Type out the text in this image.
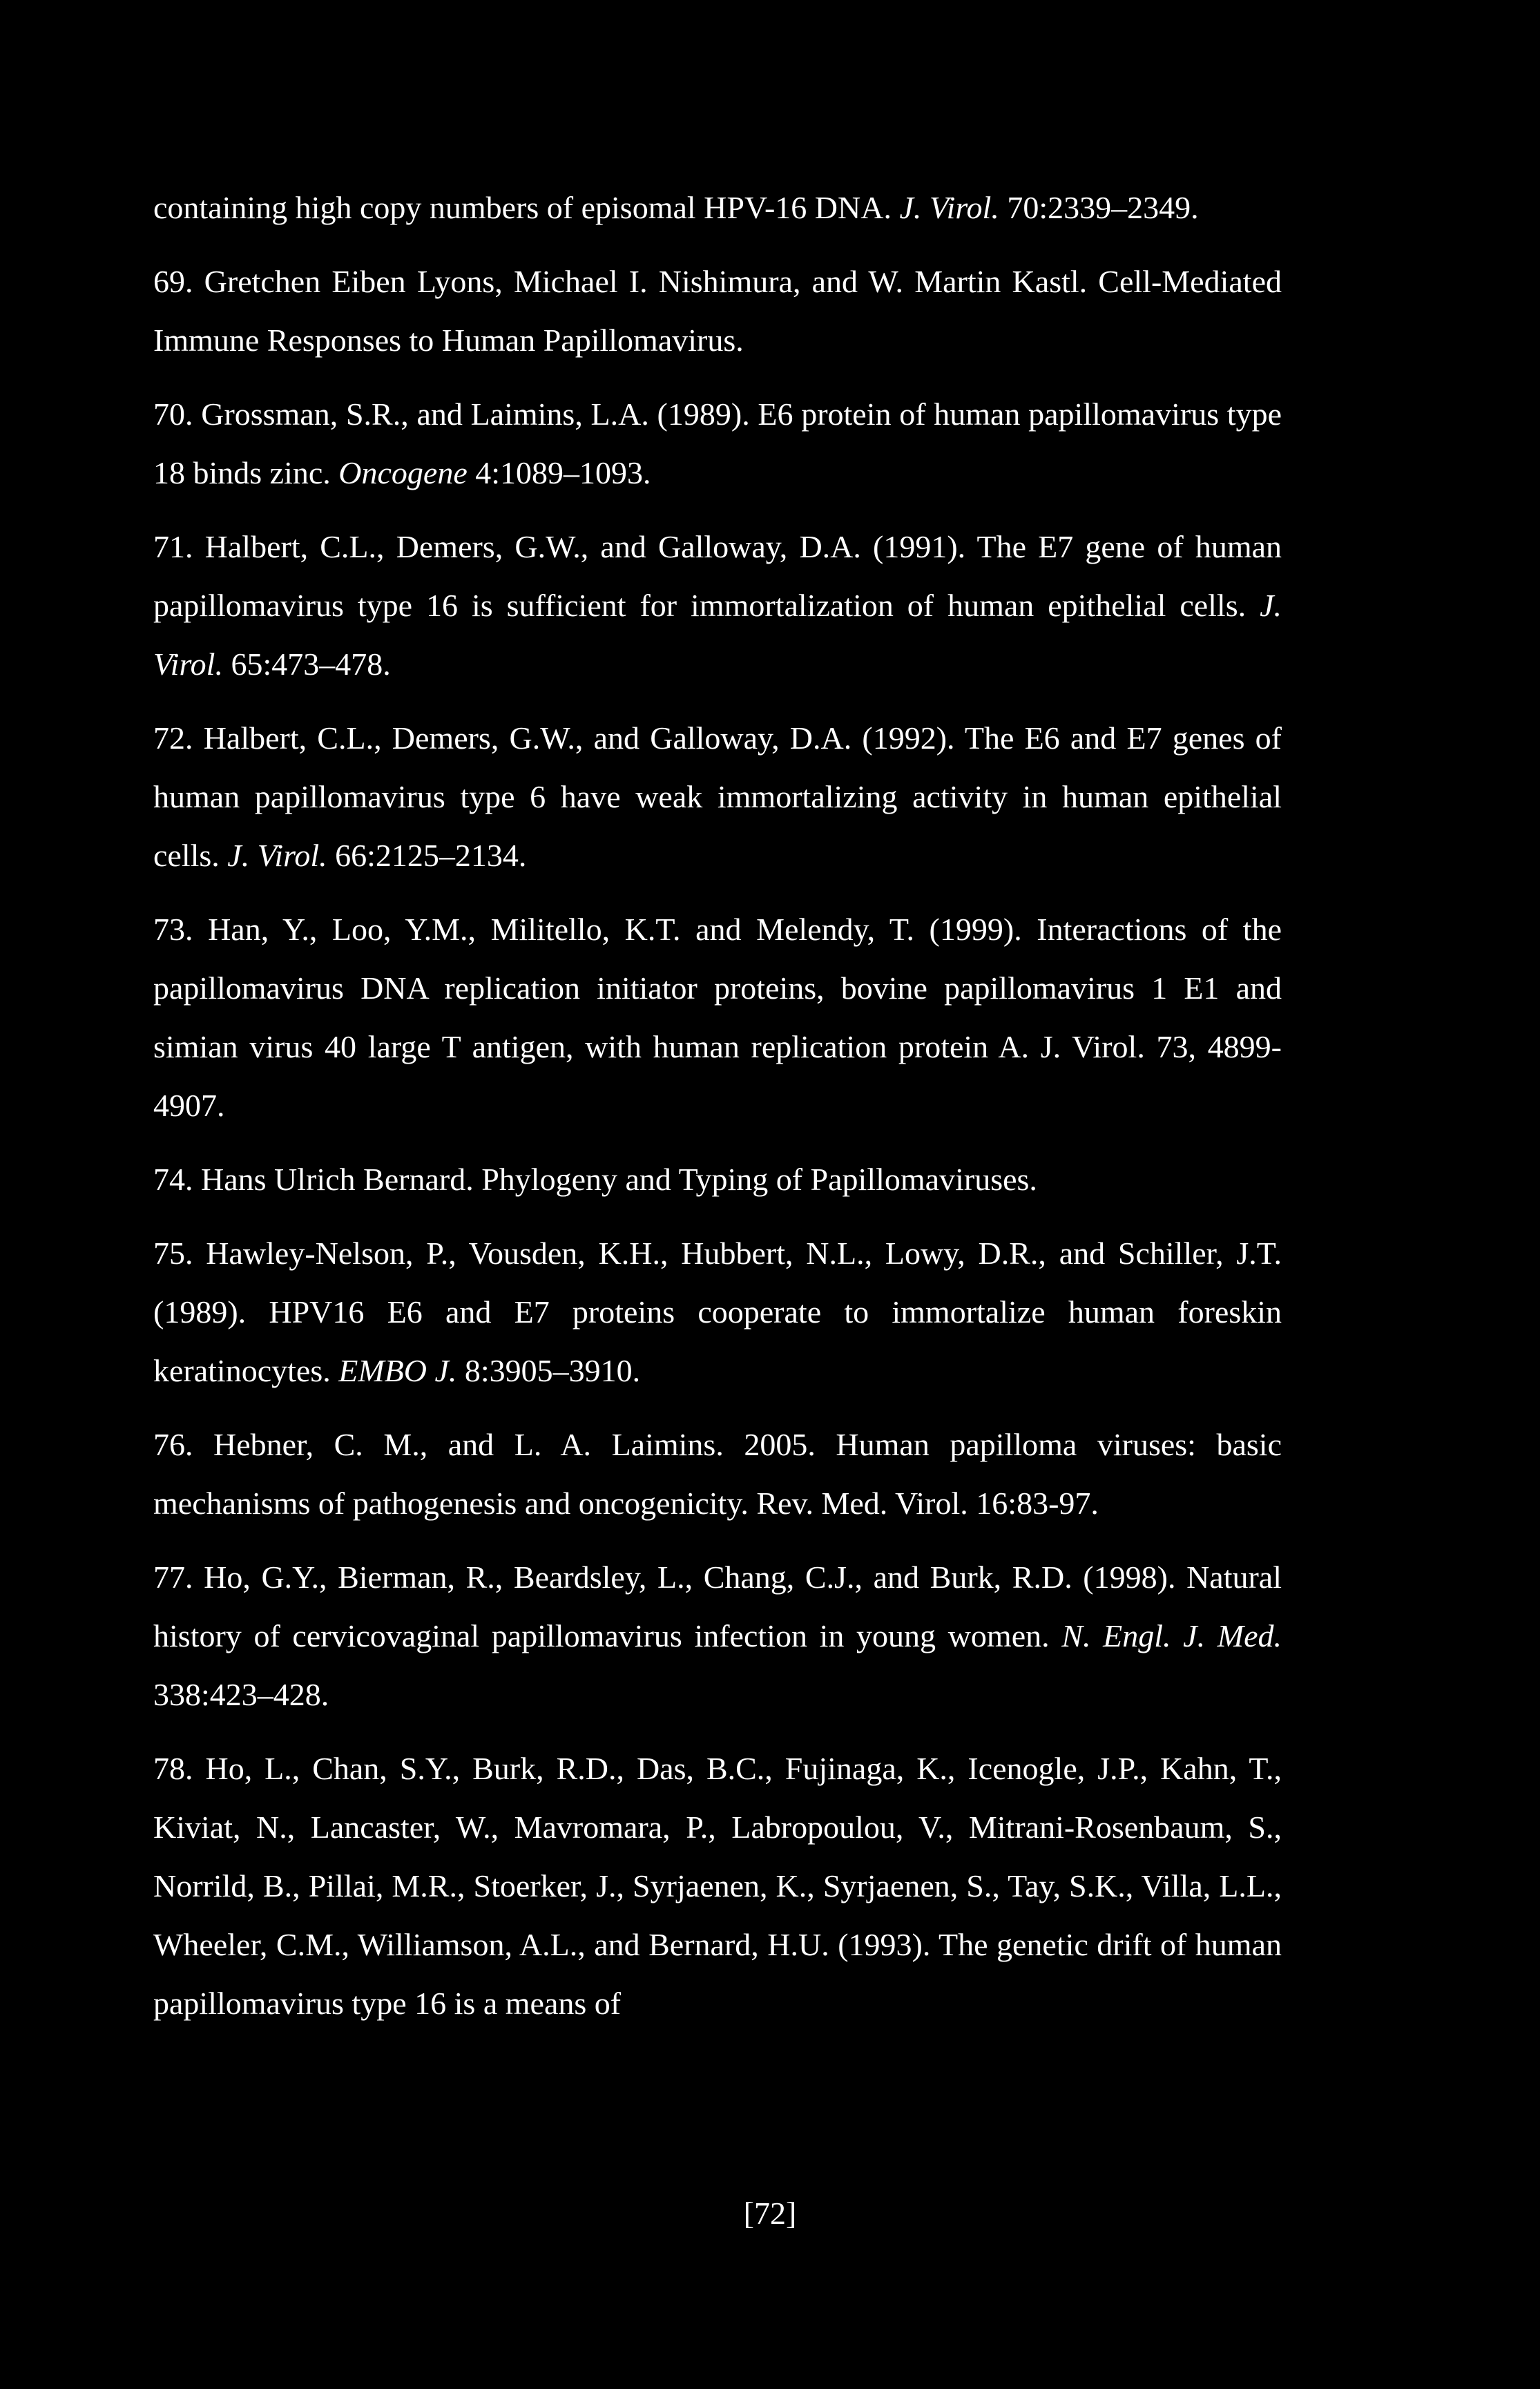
containing high copy numbers of episomal HPV-16 DNA. J. Virol. 70:2339–2349.

69. Gretchen Eiben Lyons, Michael I. Nishimura, and W. Martin Kastl. Cell-Mediated Immune Responses to Human Papillomavirus.

70. Grossman, S.R., and Laimins, L.A. (1989). E6 protein of human papillomavirus type 18 binds zinc. Oncogene 4:1089–1093.

71. Halbert, C.L., Demers, G.W., and Galloway, D.A. (1991). The E7 gene of human papillomavirus type 16 is sufficient for immortalization of human epithelial cells. J. Virol. 65:473–478.

72. Halbert, C.L., Demers, G.W., and Galloway, D.A. (1992). The E6 and E7 genes of human papillomavirus type 6 have weak immortalizing activity in human epithelial cells. J. Virol. 66:2125–2134.

73. Han, Y., Loo, Y.M., Militello, K.T. and Melendy, T. (1999). Interactions of the papillomavirus DNA replication initiator proteins, bovine papillomavirus 1 E1 and simian virus 40 large T antigen, with human replication protein A. J. Virol. 73, 4899-4907.

74. Hans Ulrich Bernard. Phylogeny and Typing of Papillomaviruses.

75. Hawley-Nelson, P., Vousden, K.H., Hubbert, N.L., Lowy, D.R., and Schiller, J.T. (1989). HPV16 E6 and E7 proteins cooperate to immortalize human foreskin keratinocytes. EMBO J. 8:3905–3910.

76. Hebner, C. M., and L. A. Laimins. 2005. Human papilloma viruses: basic mechanisms of pathogenesis and oncogenicity. Rev. Med. Virol. 16:83-97.

77. Ho, G.Y., Bierman, R., Beardsley, L., Chang, C.J., and Burk, R.D. (1998). Natural history of cervicovaginal papillomavirus infection in young women. N. Engl. J. Med. 338:423–428.

78. Ho, L., Chan, S.Y., Burk, R.D., Das, B.C., Fujinaga, K., Icenogle, J.P., Kahn, T., Kiviat, N., Lancaster, W., Mavromara, P., Labropoulou, V., Mitrani-Rosenbaum, S., Norrild, B., Pillai, M.R., Stoerker, J., Syrjaenen, K., Syrjaenen, S., Tay, S.K., Villa, L.L., Wheeler, C.M., Williamson, A.L., and Bernard, H.U. (1993). The genetic drift of human papillomavirus type 16 is a means of

[72]
